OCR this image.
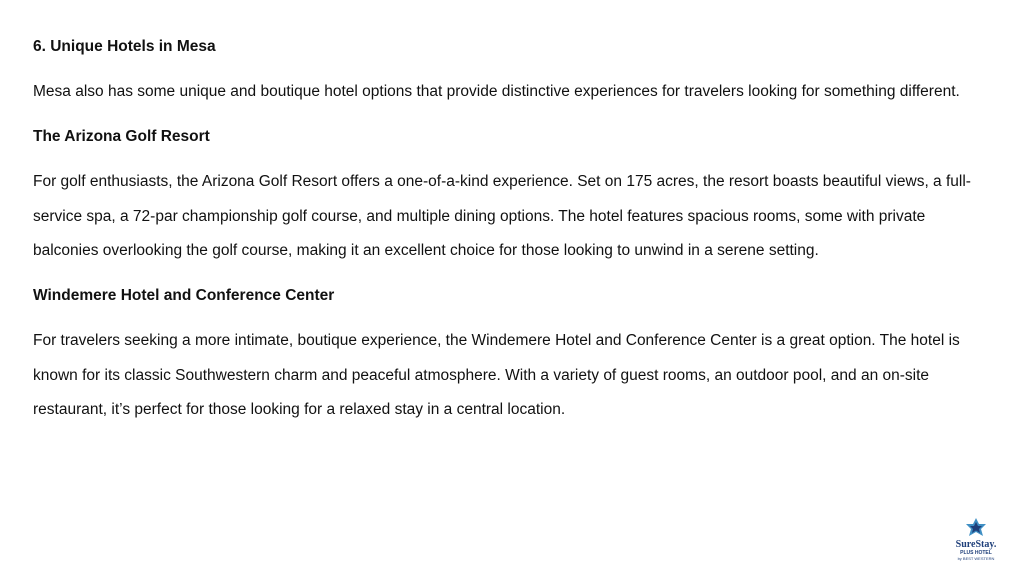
6. Unique Hotels in Mesa

Mesa also has some unique and boutique hotel options that provide distinctive experiences for travelers looking for something different.

The Arizona Golf Resort

For golf enthusiasts, the Arizona Golf Resort offers a one-of-a-kind experience. Set on 175 acres, the resort boasts beautiful views, a full-service spa, a 72-par championship golf course, and multiple dining options. The hotel features spacious rooms, some with private balconies overlooking the golf course, making it an excellent choice for those looking to unwind in a serene setting.

Windemere Hotel and Conference Center

For travelers seeking a more intimate, boutique experience, the Windemere Hotel and Conference Center is a great option. The hotel is known for its classic Southwestern charm and peaceful atmosphere. With a variety of guest rooms, an outdoor pool, and an on-site restaurant, it’s perfect for those looking for a relaxed stay in a central location.

SureStay.
PLUS HOTEL
by BEST WESTERN
